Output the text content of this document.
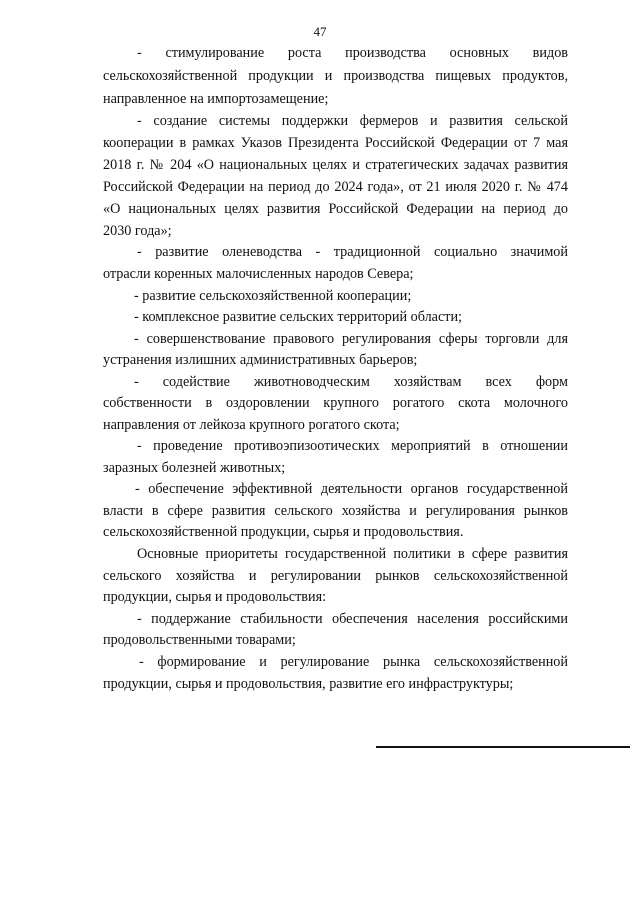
47
- стимулирование роста производства основных видов
сельскохозяйственной продукции и производства пищевых продуктов,
направленное на импортозамещение;
- создание системы поддержки фермеров и развития сельской
кооперации в рамках Указов Президента Российской Федерации от 7 мая
2018 г. № 204 «О национальных целях и стратегических задачах развития
Российской Федерации на период до 2024 года», от 21 июля 2020 г. № 474
«О национальных целях развития Российской Федерации на период до
2030 года»;
- развитие оленеводства - традиционной социально значимой
отрасли коренных малочисленных народов Севера;
- развитие сельскохозяйственной кооперации;
- комплексное развитие сельских территорий области;
- совершенствование правового регулирования сферы торговли для
устранения излишних административных барьеров;
- содействие животноводческим хозяйствам всех форм
собственности в оздоровлении крупного рогатого скота молочного
направления от лейкоза крупного рогатого скота;
- проведение противоэпизоотических мероприятий в отношении
заразных болезней животных;
- обеспечение эффективной деятельности органов государственной
власти в сфере развития сельского хозяйства и регулирования рынков
сельскохозяйственной продукции, сырья и продовольствия.
Основные приоритеты государственной политики в сфере развития
сельского хозяйства и регулировании рынков сельскохозяйственной
продукции, сырья и продовольствия:
- поддержание стабильности обеспечения населения российскими
продовольственными товарами;
- формирование и регулирование рынка сельскохозяйственной
продукции, сырья и продовольствия, развитие его инфраструктуры;
